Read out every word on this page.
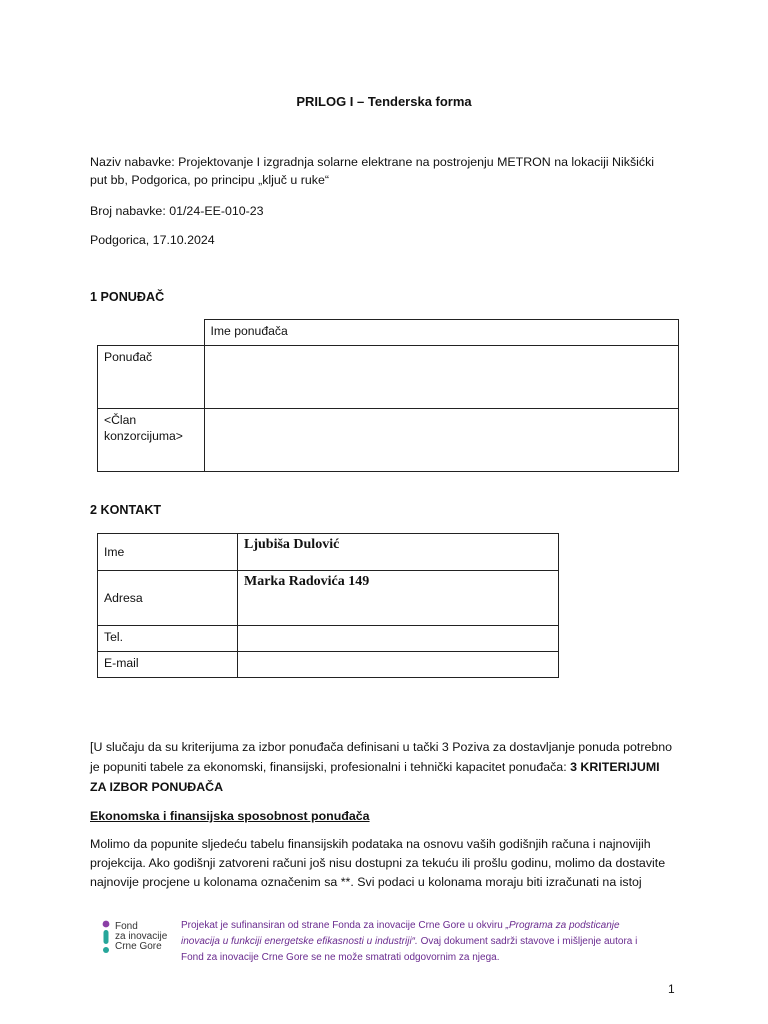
PRILOG I – Tenderska forma
Naziv nabavke: Projektovanje I izgradnja solarne elektrane na postrojenju METRON na lokaciji Nikšićki
put bb, Podgorica, po principu „ključ u ruke“
Broj nabavke: 01/24-EE-010-23
Podgorica, 17.10.2024
1 PONUĐAČ
	Ime ponuđača
Ponuđač	

<Član
konzorcijuma>	

2 KONTAKT
Ime	Ljubiša Dulović
Adresa	Marka Radovića 149
Tel.	
E-mail	
[U slučaju da su kriterijuma za izbor ponuđača definisani u tački 3 Poziva za dostavljanje ponuda potrebno
je popuniti tabele za ekonomski, finansijski, profesionalni i tehnički kapacitet ponuđača: 3 KRITERIJUMI
ZA IZBOR PONUĐAČA
Ekonomska i finansijska sposobnost ponuđača
Molimo da popunite sljedeću tabelu finansijskih podataka na osnovu vaših godišnjih računa i najnovijih
projekcija. Ako godišnji zatvoreni računi još nisu dostupni za tekuću ili prošlu godinu, molimo da dostavite
najnovije procjene u kolonama označenim sa **. Svi podaci u kolonama moraju biti izračunati na istoj
Fond
za inovacije
Crne Gore
Projekat je sufinansiran od strane Fonda za inovacije Crne Gore u okviru „Programa za podsticanje inovacija u funkciji energetske efikasnosti u industriji“. Ovaj dokument sadrži stavove i mišljenje autora i Fond za inovacije Crne Gore se ne može smatrati odgovornim za njega.
1
